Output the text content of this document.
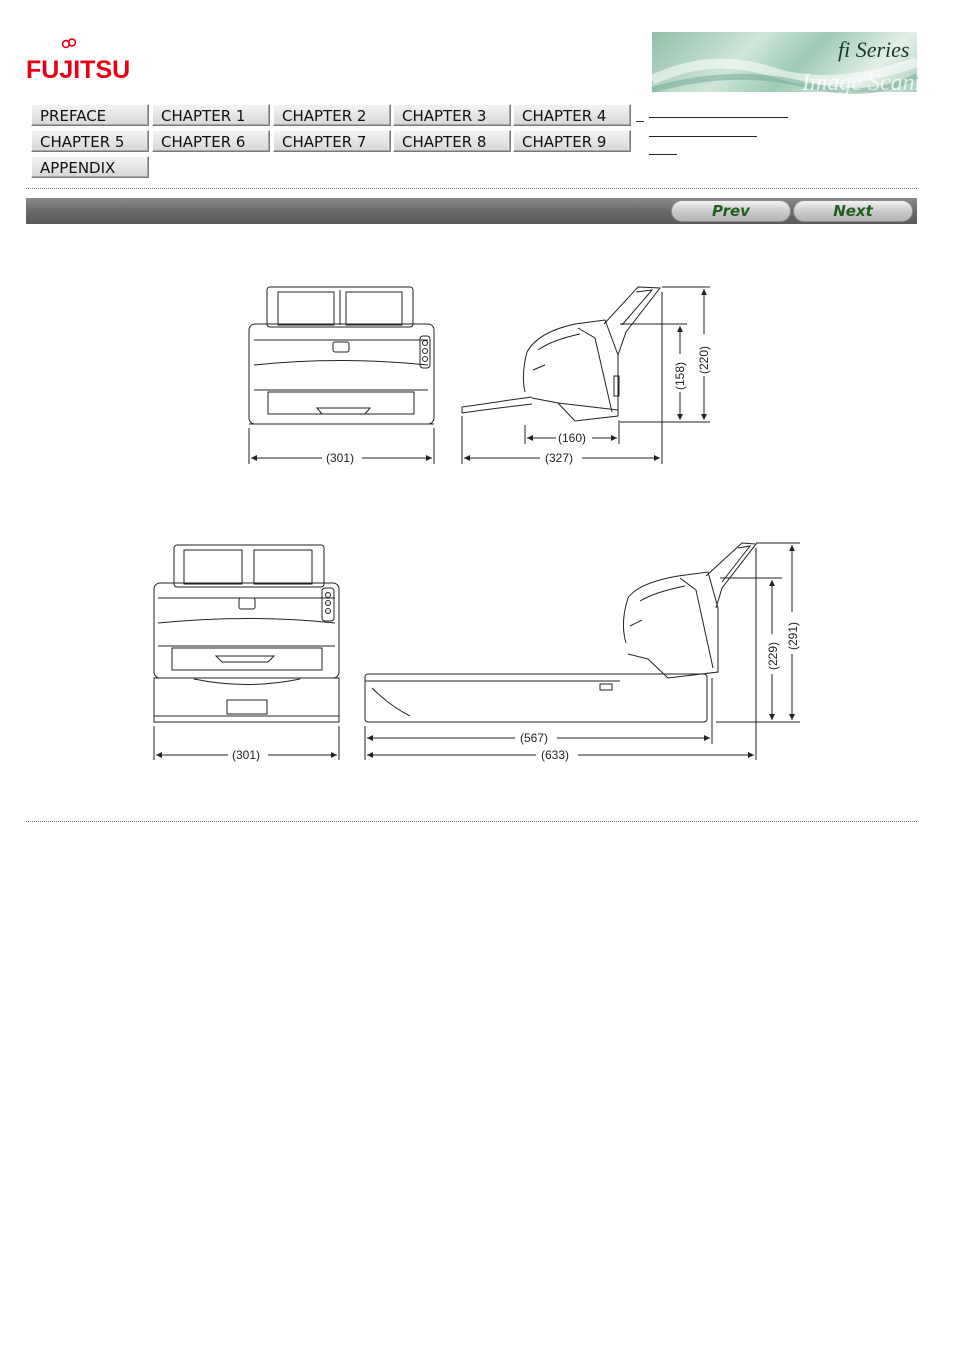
FUJITSU
fi Series
Image Scanner
PREFACE	CHAPTER 1	CHAPTER 2	CHAPTER 3	CHAPTER 4
CHAPTER 5	CHAPTER 6	CHAPTER 7	CHAPTER 8	CHAPTER 9
APPENDIX
Prev	Next
(301)
(160)
(327)
(158)
(220)
(301)
(567)
(633)
(229)
(291)
